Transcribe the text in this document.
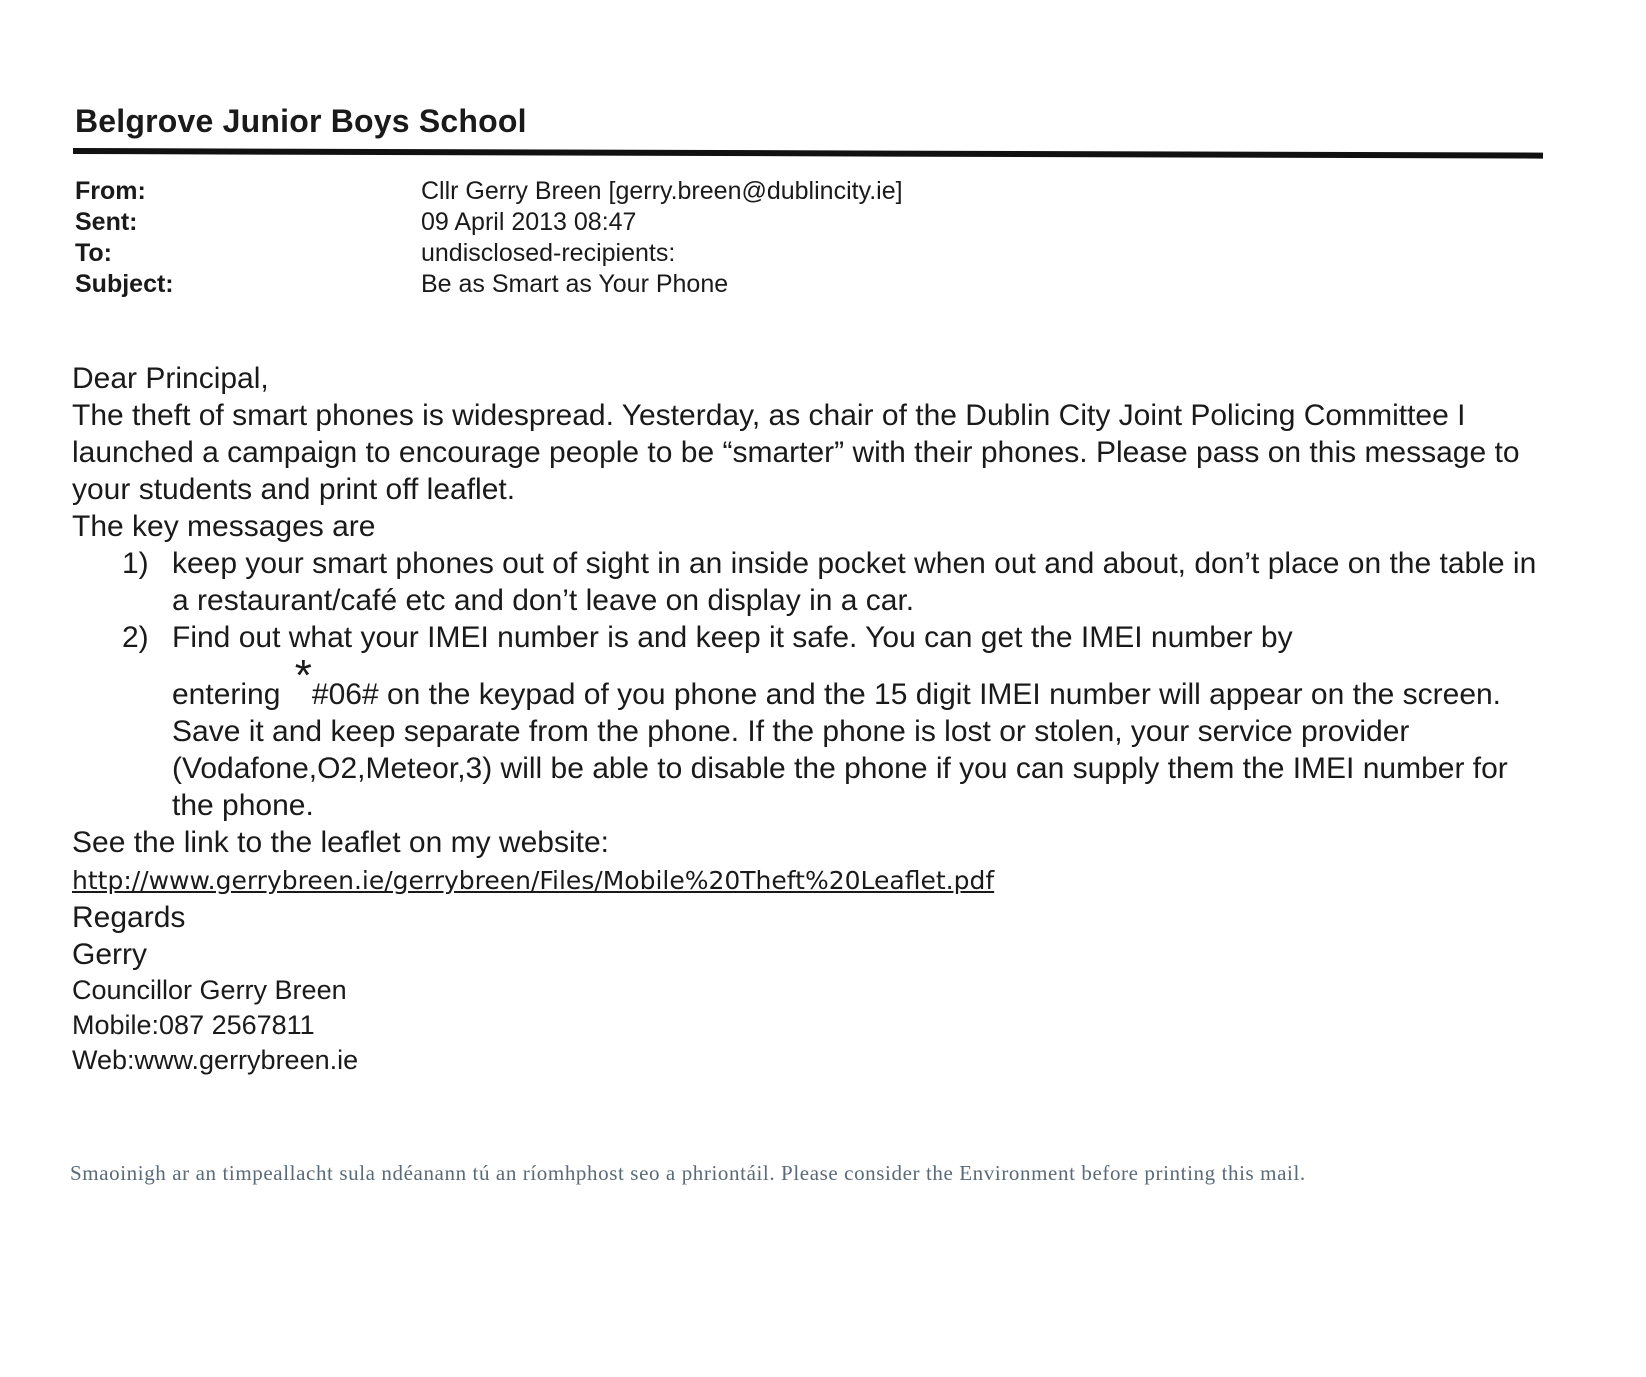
Belgrove Junior Boys School
From:	Cllr Gerry Breen [gerry.breen@dublincity.ie]
Sent:	09 April 2013 08:47
To:	undisclosed-recipients:
Subject:	Be as Smart as Your Phone

Dear Principal,

The theft of smart phones is widespread. Yesterday, as chair of the Dublin City Joint Policing Committee I launched a campaign to encourage people to be “smarter” with their phones. Please pass on this message to your students and print off leaflet.

The key messages are

1) keep your smart phones out of sight in an inside pocket when out and about, don’t place on the table in a restaurant/café etc and don’t leave on display in a car.
2) Find out what your IMEI number is and keep it safe. You can get the IMEI number by entering *#06# on the keypad of you phone and the 15 digit IMEI number will appear on the screen. Save it and keep separate from the phone. If the phone is lost or stolen, your service provider (Vodafone,O2,Meteor,3) will be able to disable the phone if you can supply them the IMEI number for the phone.

See the link to the leaflet on my website:

http://www.gerrybreen.ie/gerrybreen/Files/Mobile%20Theft%20Leaflet.pdf

Regards

Gerry

Councillor Gerry Breen

Mobile:087 2567811

Web:www.gerrybreen.ie

Smaoinigh ar an timpeallacht sula ndéanann tú an ríomhphost seo a phriontáil. Please consider the Environment before printing this mail.
